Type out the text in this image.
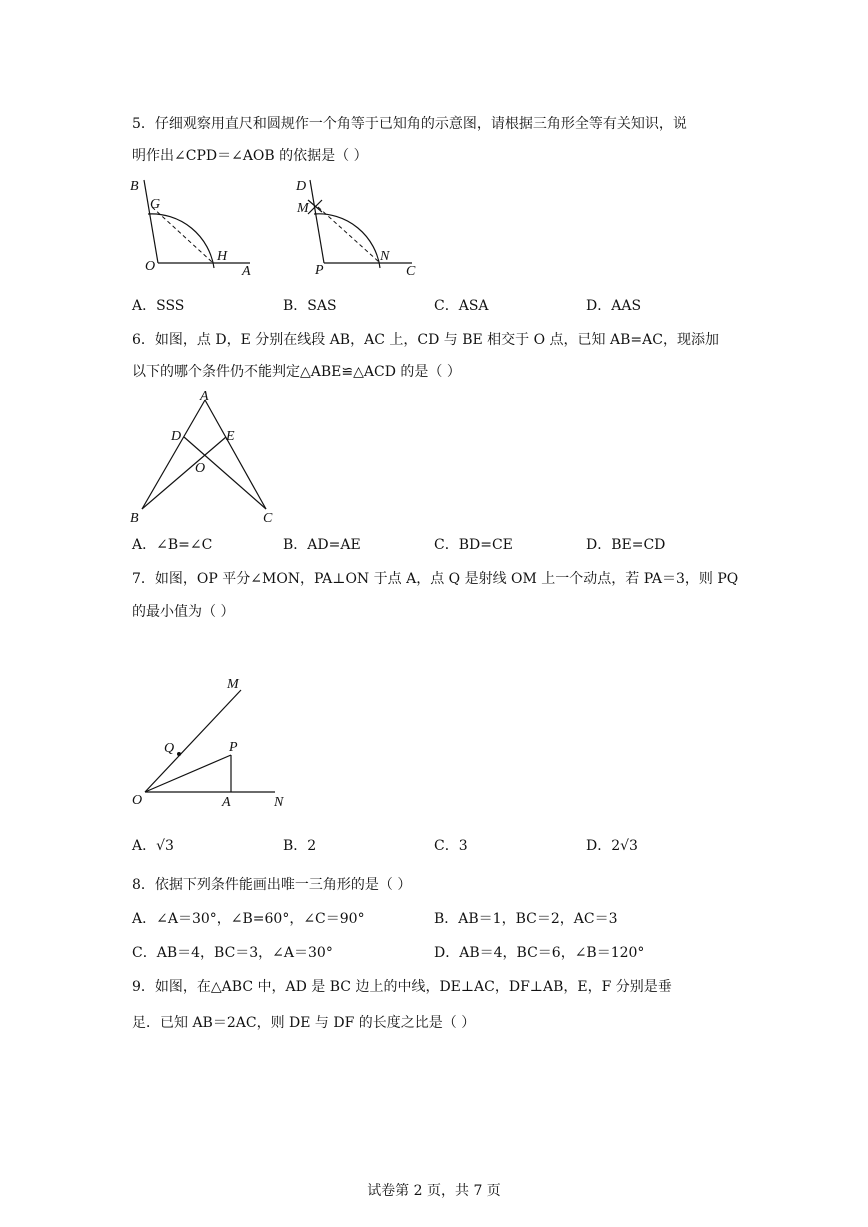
5．仔细观察用直尺和圆规作一个角等于已知角的示意图，请根据三角形全等有关知识，说
明作出∠CPD＝∠AOB 的依据是（ ）
B
G
O
H
A
D
M
P
N
C
A．SSS	B．SAS	C．ASA	D．AAS
6．如图，点 D，E 分别在线段 AB，AC 上，CD 与 BE 相交于 O 点，已知 AB=AC，现添加
以下的哪个条件仍不能判定△ABE≌△ACD 的是（ ）
A
D	E
O
B	C
A．∠B=∠C	B．AD=AE	C．BD=CE	D．BE=CD
7．如图，OP 平分∠MON，PA⊥ON 于点 A，点 Q 是射线 OM 上一个动点，若 PA＝3，则 PQ
的最小值为（ ）
M
Q	P
O	A	N
A．√3	B．2	C．3	D．2√3
8．依据下列条件能画出唯一三角形的是（ ）
A．∠A＝30°，∠B=60°，∠C＝90°	B．AB＝1，BC＝2，AC＝3
C．AB＝4，BC＝3，∠A＝30°	D．AB＝4，BC＝6，∠B＝120°
9．如图，在△ABC 中，AD 是 BC 边上的中线，DE⊥AC，DF⊥AB，E，F 分别是垂
足．已知 AB＝2AC，则 DE 与 DF 的长度之比是（ ）
试卷第 2 页，共 7 页
